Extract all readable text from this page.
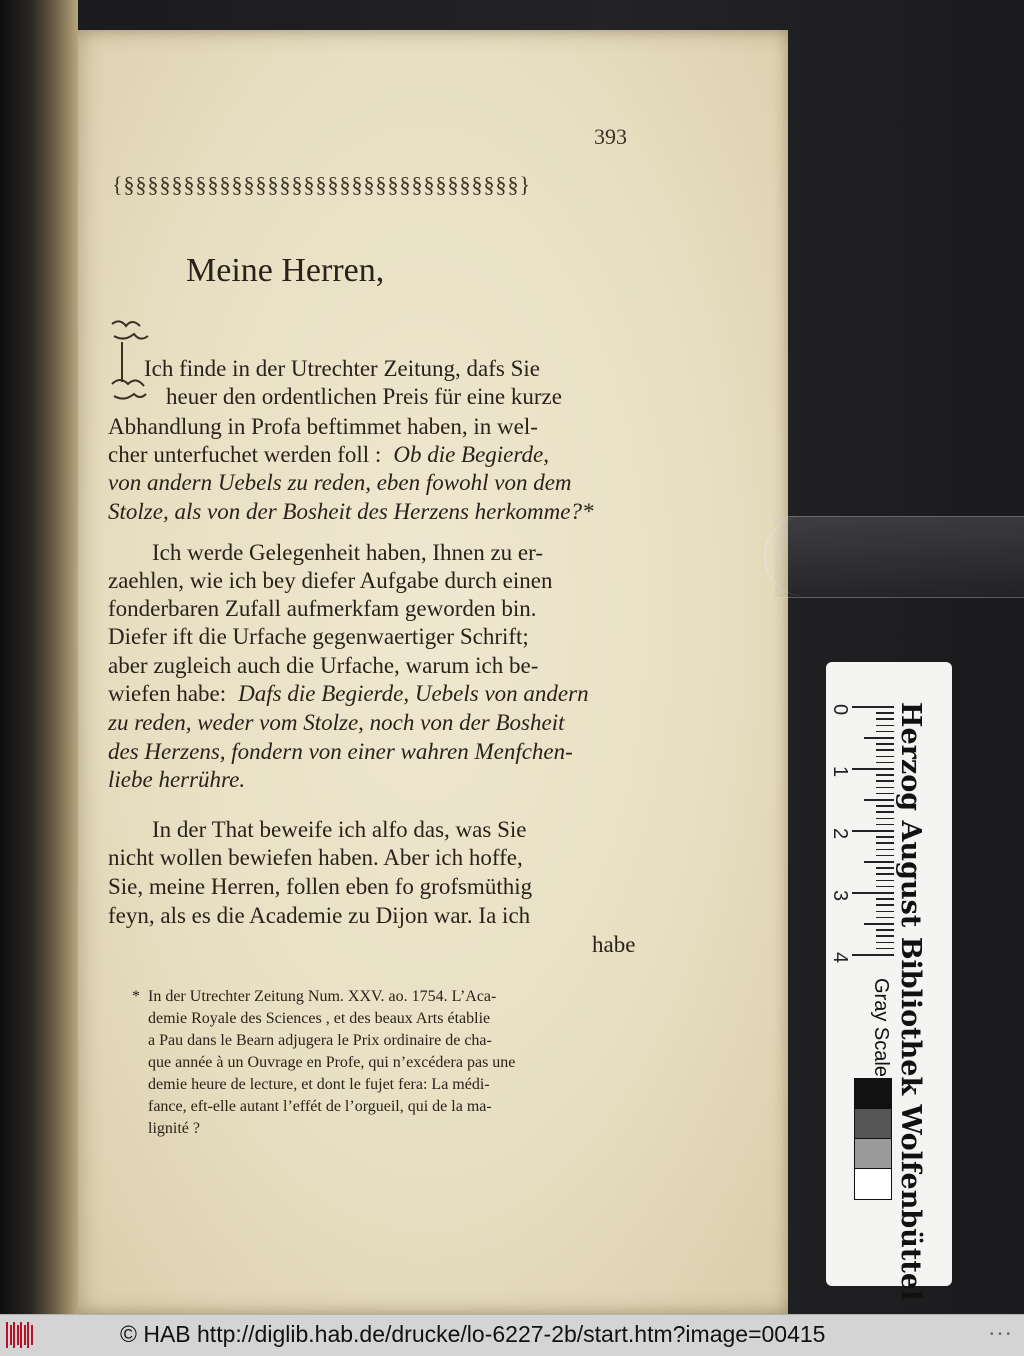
393
{§§§§§§§§§§§§§§§§§§§§§§§§§§§§§§§§§}
Meine Herren,
Ich finde in der Utrechter Zeitung, dafs Sie
heuer den ordentlichen Preis für eine kurze
Abhandlung in Profa beftimmet haben, in wel-
cher unterfuchet werden foll : Ob die Begierde,
von andern Uebels zu reden, eben fowohl von dem
Stolze, als von der Bosheit des Herzens herkomme?*
Ich werde Gelegenheit haben, Ihnen zu er-
zaehlen, wie ich bey diefer Aufgabe durch einen
fonderbaren Zufall aufmerkfam geworden bin.
Diefer ift die Urfache gegenwaertiger Schrift;
aber zugleich auch die Urfache, warum ich be-
wiefen habe: Dafs die Begierde, Uebels von andern
zu reden, weder vom Stolze, noch von der Bosheit
des Herzens, fondern von einer wahren Menfchen-
liebe herrühre.
In der That beweife ich alfo das, was Sie
nicht wollen bewiefen haben. Aber ich hoffe,
Sie, meine Herren, follen eben fo grofsmüthig
feyn, als es die Academie zu Dijon war. Ia ich
habe
* In der Utrechter Zeitung Num. XXV. ao. 1754. L’Aca-
demie Royale des Sciences , et des beaux Arts établie
a Pau dans le Bearn adjugera le Prix ordinaire de cha-
que année à un Ouvrage en Profe, qui n’excédera pas une
demie heure de lecture, et dont le fujet fera: La médi-
fance, eft-elle autant l’effét de l’orgueil, qui de la ma-
lignité ?
0
1
2
3
4 Herzog August Bibliothek Wolfenbüttel
Gray Scale
© HAB http://diglib.hab.de/drucke/lo-6227-2b/start.htm?image=00415	• • •
